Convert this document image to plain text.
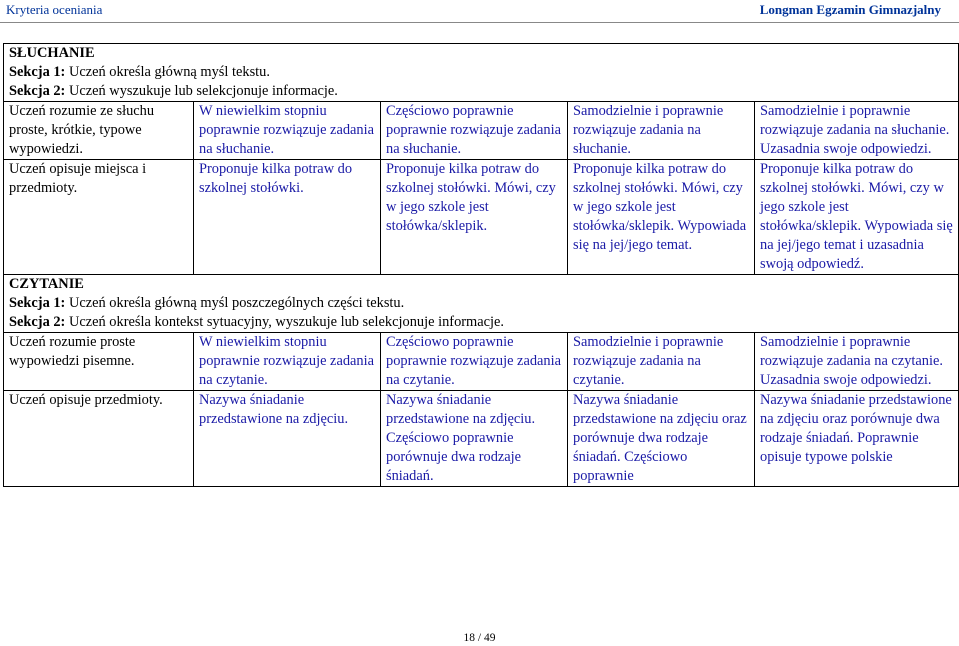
Kryteria oceniania	Longman Egzamin Gimnazjalny
SŁUCHANIE
Sekcja 1: Uczeń określa główną myśl tekstu.
Sekcja 2: Uczeń wyszukuje lub selekcjonuje informacje.				

Uczeń rozumie ze słuchu proste, krótkie, typowe wypowiedzi.	W niewielkim stopniu poprawnie rozwiązuje zadania na słuchanie.	Częściowo poprawnie poprawnie rozwiązuje zadania na słuchanie.	Samodzielnie i poprawnie rozwiązuje zadania na słuchanie.	Samodzielnie i poprawnie rozwiązuje zadania na słuchanie. Uzasadnia swoje odpowiedzi.
Uczeń opisuje miejsca i przedmioty.	Proponuje kilka potraw do szkolnej stołówki.	Proponuje kilka potraw do szkolnej stołówki. Mówi, czy w jego szkole jest stołówka/sklepik.	Proponuje kilka potraw do szkolnej stołówki. Mówi, czy w jego szkole jest stołówka/sklepik. Wypowiada się na jej/jego temat.	Proponuje kilka potraw do szkolnej stołówki. Mówi, czy w jego szkole jest stołówka/sklepik. Wypowiada się na jej/jego temat i uzasadnia swoją odpowiedź.

CZYTANIE
Sekcja 1: Uczeń określa główną myśl poszczególnych części tekstu.
Sekcja 2: Uczeń określa kontekst sytuacyjny, wyszukuje lub selekcjonuje informacje.				

Uczeń rozumie proste wypowiedzi pisemne.	W niewielkim stopniu poprawnie rozwiązuje zadania na czytanie.	Częściowo poprawnie poprawnie rozwiązuje zadania na czytanie.	Samodzielnie i poprawnie rozwiązuje zadania na czytanie.	Samodzielnie i poprawnie rozwiązuje zadania na czytanie. Uzasadnia swoje odpowiedzi.
Uczeń opisuje przedmioty.	Nazywa śniadanie przedstawione na zdjęciu.	Nazywa śniadanie przedstawione na zdjęciu. Częściowo poprawnie porównuje dwa rodzaje śniadań.	Nazywa śniadanie przedstawione na zdjęciu oraz porównuje dwa rodzaje śniadań. Częściowo poprawnie	Nazywa śniadanie przedstawione na zdjęciu oraz porównuje dwa rodzaje śniadań. Poprawnie opisuje typowe polskie
18 / 49
